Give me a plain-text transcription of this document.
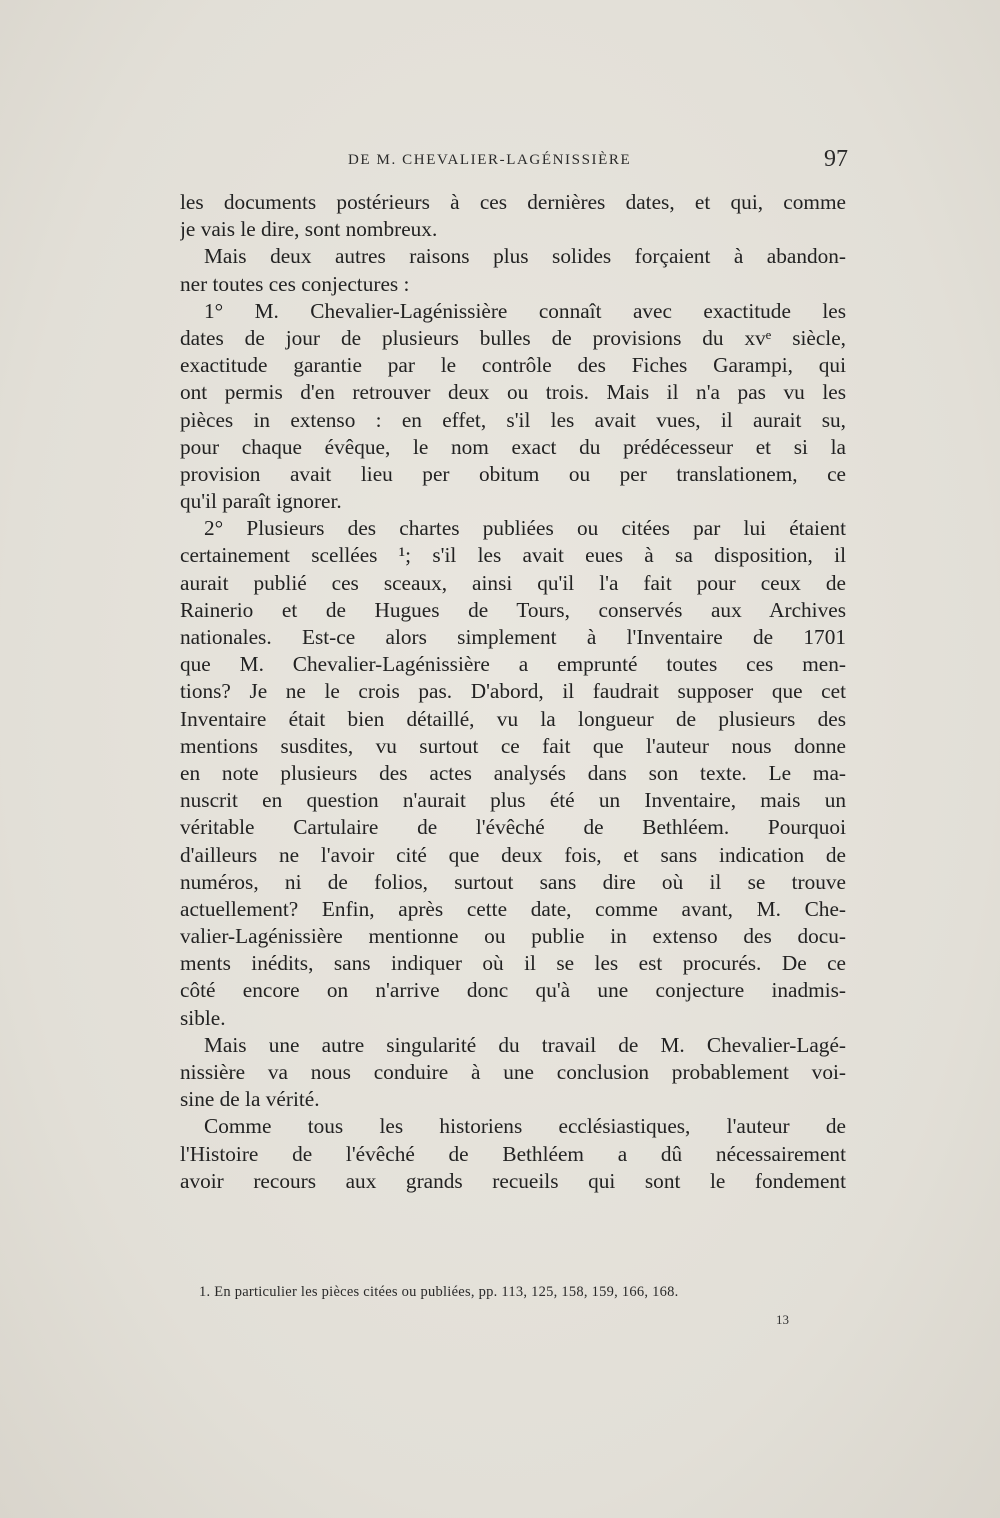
DE M. CHEVALIER-LAGÉNISSIÈRE	97
les documents postérieurs à ces dernières dates, et qui, comme
je vais le dire, sont nombreux.
Mais deux autres raisons plus solides forçaient à abandon-
ner toutes ces conjectures :
1° M. Chevalier-Lagénissière connaît avec exactitude les
dates de jour de plusieurs bulles de provisions du xvᵉ siècle,
exactitude garantie par le contrôle des Fiches Garampi, qui
ont permis d'en retrouver deux ou trois. Mais il n'a pas vu les
pièces in extenso : en effet, s'il les avait vues, il aurait su,
pour chaque évêque, le nom exact du prédécesseur et si la
provision avait lieu per obitum ou per translationem, ce
qu'il paraît ignorer.
2° Plusieurs des chartes publiées ou citées par lui étaient
certainement scellées ¹; s'il les avait eues à sa disposition, il
aurait publié ces sceaux, ainsi qu'il l'a fait pour ceux de
Rainerio et de Hugues de Tours, conservés aux Archives
nationales. Est-ce alors simplement à l'Inventaire de 1701
que M. Chevalier-Lagénissière a emprunté toutes ces men-
tions? Je ne le crois pas. D'abord, il faudrait supposer que cet
Inventaire était bien détaillé, vu la longueur de plusieurs des
mentions susdites, vu surtout ce fait que l'auteur nous donne
en note plusieurs des actes analysés dans son texte. Le ma-
nuscrit en question n'aurait plus été un Inventaire, mais un
véritable Cartulaire de l'évêché de Bethléem. Pourquoi
d'ailleurs ne l'avoir cité que deux fois, et sans indication de
numéros, ni de folios, surtout sans dire où il se trouve
actuellement? Enfin, après cette date, comme avant, M. Che-
valier-Lagénissière mentionne ou publie in extenso des docu-
ments inédits, sans indiquer où il se les est procurés. De ce
côté encore on n'arrive donc qu'à une conjecture inadmis-
sible.
Mais une autre singularité du travail de M. Chevalier-Lagé-
nissière va nous conduire à une conclusion probablement voi-
sine de la vérité.
Comme tous les historiens ecclésiastiques, l'auteur de
l'Histoire de l'évêché de Bethléem a dû nécessairement
avoir recours aux grands recueils qui sont le fondement
1. En particulier les pièces citées ou publiées, pp. 113, 125, 158, 159, 166, 168.
13
